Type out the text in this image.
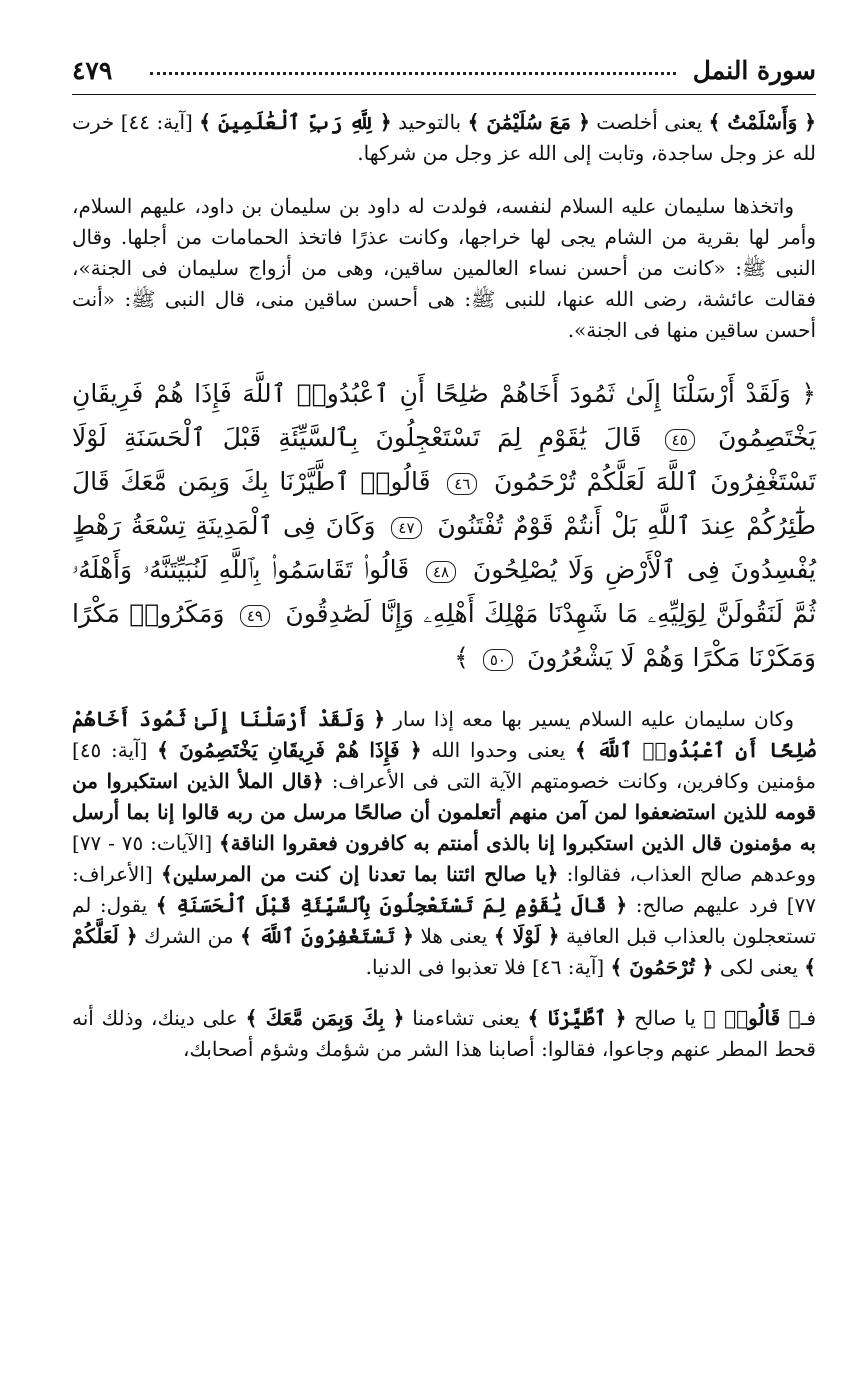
سورة النمل
٤٧٩

﴿ وَأَسْلَمْتُ ﴾ يعنى أخلصت ﴿ مَعَ سُلَيْمَٰنَ ﴾ بالتوحيد ﴿ لِلَّهِ رَبِّ ٱلْعَٰلَمِينَ ﴾ [آية: ٤٤] خرت لله عز وجل ساجدة، وتابت إلى الله عز وجل من شركها.

واتخذها سليمان عليه السلام لنفسه، فولدت له داود بن سليمان بن داود، عليهم السلام، وأمر لها بقرية من الشام يجى لها خراجها، وكانت عذرًا فاتخذ الحمامات من أجلها. وقال النبى ﷺ: «كانت من أحسن نساء العالمين ساقين، وهى من أزواج سليمان فى الجنة»، فقالت عائشة، رضى الله عنها، للنبى ﷺ: هى أحسن ساقين منى، قال النبى ﷺ: «أنت أحسن ساقين منها فى الجنة».

﴿ وَلَقَدْ أَرْسَلْنَا إِلَىٰ ثَمُودَ أَخَاهُمْ صَٰلِحًا أَنِ ٱعْبُدُوا۟ ٱللَّهَ فَإِذَا هُمْ فَرِيقَانِ يَخْتَصِمُونَ ٤٥ قَالَ يَٰقَوْمِ لِمَ تَسْتَعْجِلُونَ بِٱلسَّيِّئَةِ قَبْلَ ٱلْحَسَنَةِ لَوْلَا تَسْتَغْفِرُونَ ٱللَّهَ لَعَلَّكُمْ تُرْحَمُونَ ٤٦ قَالُوا۟ ٱطَّيَّرْنَا بِكَ وَبِمَن مَّعَكَ قَالَ طَٰٓئِرُكُمْ عِندَ ٱللَّهِ بَلْ أَنتُمْ قَوْمٌ تُفْتَنُونَ ٤٧ وَكَانَ فِى ٱلْمَدِينَةِ تِسْعَةُ رَهْطٍ يُفْسِدُونَ فِى ٱلْأَرْضِ وَلَا يُصْلِحُونَ ٤٨ قَالُوا۟ تَقَاسَمُوا۟ بِٱللَّهِ لَنُبَيِّتَنَّهُۥ وَأَهْلَهُۥ ثُمَّ لَنَقُولَنَّ لِوَلِيِّهِۦ مَا شَهِدْنَا مَهْلِكَ أَهْلِهِۦ وَإِنَّا لَصَٰدِقُونَ ٤٩ وَمَكَرُوا۟ مَكْرًا وَمَكَرْنَا مَكْرًا وَهُمْ لَا يَشْعُرُونَ ٥٠ ﴾

وكان سليمان عليه السلام يسير بها معه إذا سار ﴿ وَلَقَدْ أَرْسَلْنَا إِلَىٰ ثَمُودَ أَخَاهُمْ صَٰلِحًا أَنِ ٱعْبُدُوا۟ ٱللَّهَ ﴾ يعنى وحدوا الله ﴿ فَإِذَا هُمْ فَرِيقَانِ يَخْتَصِمُونَ ﴾ [آية: ٤٥] مؤمنين وكافرين، وكانت خصومتهم الآية التى فى الأعراف: ﴿قال الملأ الذين استكبروا من قومه للذين استضعفوا لمن آمن منهم أتعلمون أن صالحًا مرسل من ربه قالوا إنا بما أرسل به مؤمنون قال الذين استكبروا إنا بالذى أمنتم به كافرون فعقروا الناقة﴾ [الآيات: ٧٥ - ٧٧] ووعدهم صالح العذاب، فقالوا: ﴿يا صالح ائتنا بما تعدنا إن كنت من المرسلين﴾ [الأعراف: ٧٧] فرد عليهم صالح: ﴿ قَالَ يَٰقَوْمِ لِمَ تَسْتَعْجِلُونَ بِٱلسَّيِّئَةِ قَبْلَ ٱلْحَسَنَةِ ﴾ يقول: لم تستعجلون بالعذاب قبل العافية ﴿ لَوْلَا ﴾ يعنى هلا ﴿ تَسْتَغْفِرُونَ ٱللَّهَ ﴾ من الشرك ﴿ لَعَلَّكُمْ ﴾ يعنى لكى ﴿ تُرْحَمُونَ ﴾ [آية: ٤٦] فلا تعذبوا فى الدنيا.

فـ﴿ قَالُوا۟ ﴾ يا صالح ﴿ ٱطَّيَّرْنَا ﴾ يعنى تشاءمنا ﴿ بِكَ وَبِمَن مَّعَكَ ﴾ على دينك، وذلك أنه قحط المطر عنهم وجاعوا، فقالوا: أصابنا هذا الشر من شؤمك وشؤم أصحابك،
